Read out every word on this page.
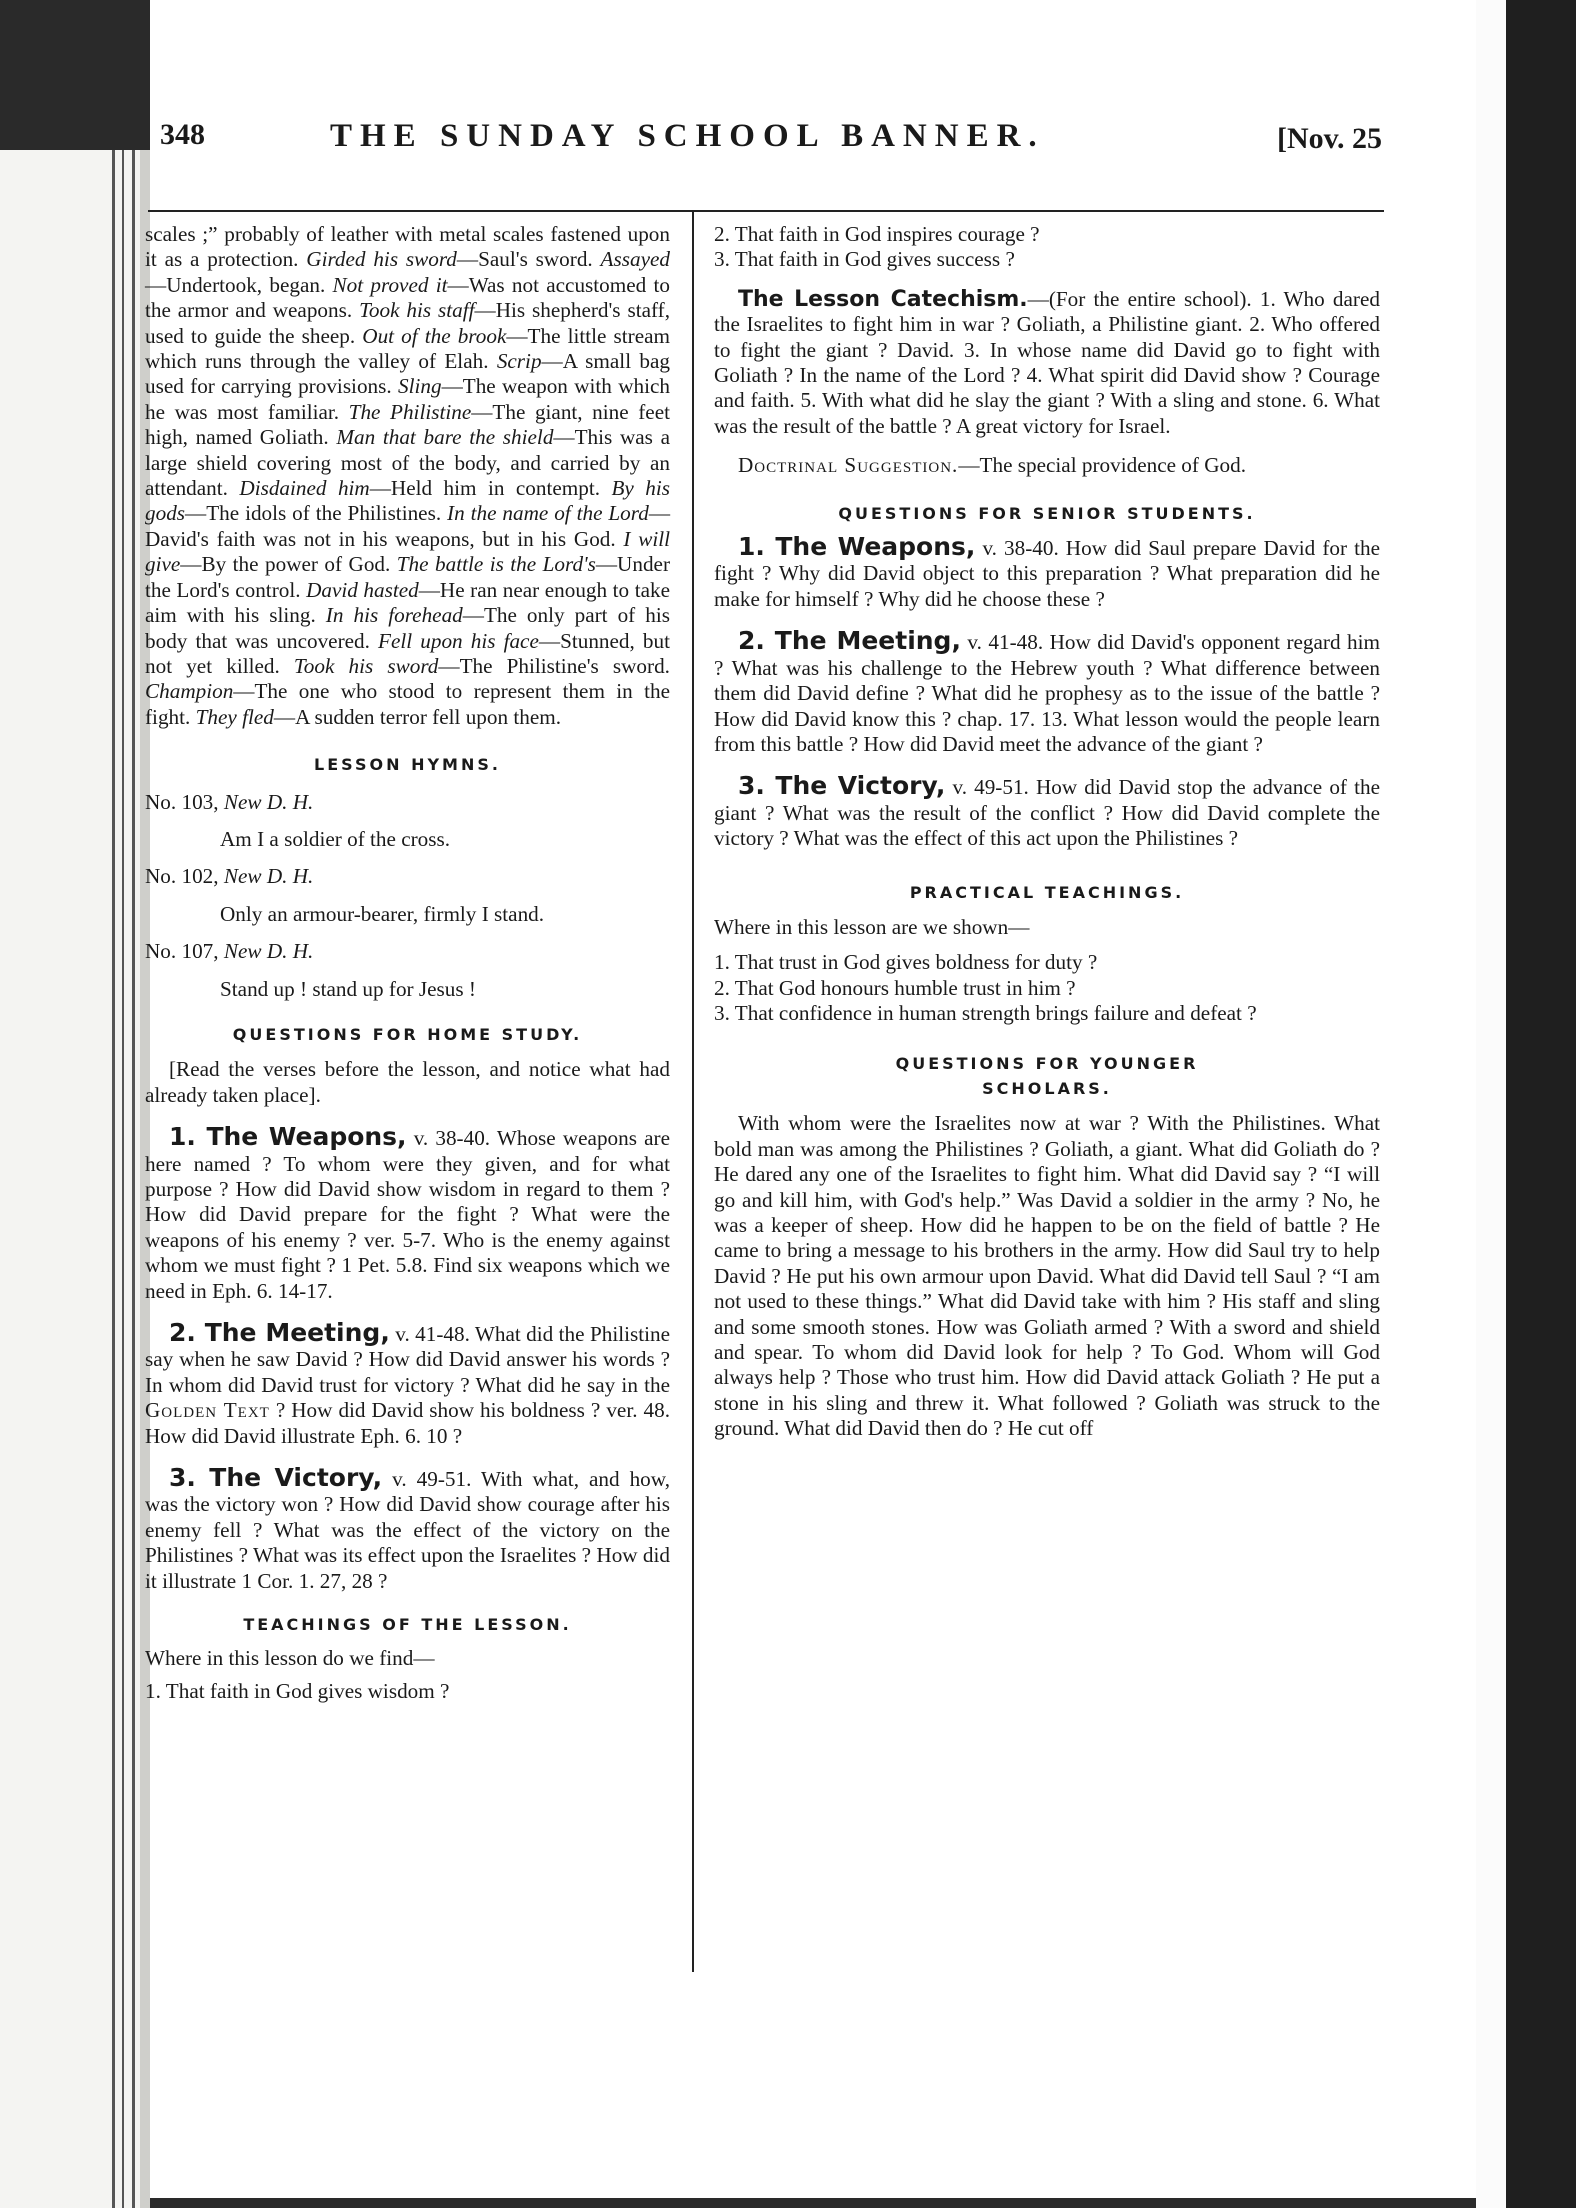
348	THE SUNDAY SCHOOL BANNER.	[Nov. 25

scales ;” probably of leather with metal scales fastened upon it as a protection. Girded his sword—Saul's sword. Assayed—Undertook, began. Not proved it—Was not accustomed to the armor and weapons. Took his staff—His shepherd's staff, used to guide the sheep. Out of the brook—The little stream which runs through the valley of Elah. Scrip—A small bag used for carrying provisions. Sling—The weapon with which he was most familiar. The Philistine—The giant, nine feet high, named Goliath. Man that bare the shield—This was a large shield covering most of the body, and carried by an attendant. Disdained him—Held him in contempt. By his gods—The idols of the Philistines. In the name of the Lord—David's faith was not in his weapons, but in his God. I will give—By the power of God. The battle is the Lord's—Under the Lord's control. David hasted—He ran near enough to take aim with his sling. In his forehead—The only part of his body that was uncovered. Fell upon his face—Stunned, but not yet killed. Took his sword—The Philistine's sword. Champion—The one who stood to represent them in the fight. They fled—A sudden terror fell upon them.

LESSON HYMNS.

No. 103, New D. H.

Am I a soldier of the cross.

No. 102, New D. H.

Only an armour-bearer, firmly I stand.

No. 107, New D. H.

Stand up ! stand up for Jesus !

QUESTIONS FOR HOME STUDY.

[Read the verses before the lesson, and notice what had already taken place].

1. The Weapons, v. 38-40. Whose weapons are here named ? To whom were they given, and for what purpose ? How did David show wisdom in regard to them ? How did David prepare for the fight ? What were the weapons of his enemy ? ver. 5-7. Who is the enemy against whom we must fight ? 1 Pet. 5.8. Find six weapons which we need in Eph. 6. 14-17.

2. The Meeting, v. 41-48. What did the Philistine say when he saw David ? How did David answer his words ? In whom did David trust for victory ? What did he say in the Golden Text ? How did David show his boldness ? ver. 48. How did David illustrate Eph. 6. 10 ?

3. The Victory, v. 49-51. With what, and how, was the victory won ? How did David show courage after his enemy fell ? What was the effect of the victory on the Philistines ? What was its effect upon the Israelites ? How did it illustrate 1 Cor. 1. 27, 28 ?

TEACHINGS OF THE LESSON.

Where in this lesson do we find—

1. That faith in God gives wisdom ?

2. That faith in God inspires courage ?

3. That faith in God gives success ?

The Lesson Catechism.—(For the entire school). 1. Who dared the Israelites to fight him in war ? Goliath, a Philistine giant. 2. Who offered to fight the giant ? David. 3. In whose name did David go to fight with Goliath ? In the name of the Lord ? 4. What spirit did David show ? Courage and faith. 5. With what did he slay the giant ? With a sling and stone. 6. What was the result of the battle ? A great victory for Israel.

Doctrinal Suggestion.—The special providence of God.

QUESTIONS FOR SENIOR STUDENTS.

1. The Weapons, v. 38-40. How did Saul prepare David for the fight ? Why did David object to this preparation ? What preparation did he make for himself ? Why did he choose these ?

2. The Meeting, v. 41-48. How did David's opponent regard him ? What was his challenge to the Hebrew youth ? What difference between them did David define ? What did he prophesy as to the issue of the battle ? How did David know this ? chap. 17. 13. What lesson would the people learn from this battle ? How did David meet the advance of the giant ?

3. The Victory, v. 49-51. How did David stop the advance of the giant ? What was the result of the conflict ? How did David complete the victory ? What was the effect of this act upon the Philistines ?

PRACTICAL TEACHINGS.

Where in this lesson are we shown—

1. That trust in God gives boldness for duty ?

2. That God honours humble trust in him ?

3. That confidence in human strength brings failure and defeat ?

QUESTIONS FOR YOUNGER SCHOLARS.

With whom were the Israelites now at war ? With the Philistines. What bold man was among the Philistines ? Goliath, a giant. What did Goliath do ? He dared any one of the Israelites to fight him. What did David say ? “I will go and kill him, with God's help.” Was David a soldier in the army ? No, he was a keeper of sheep. How did he happen to be on the field of battle ? He came to bring a message to his brothers in the army. How did Saul try to help David ? He put his own armour upon David. What did David tell Saul ? “I am not used to these things.” What did David take with him ? His staff and sling and some smooth stones. How was Goliath armed ? With a sword and shield and spear. To whom did David look for help ? To God. Whom will God always help ? Those who trust him. How did David attack Goliath ? He put a stone in his sling and threw it. What followed ? Goliath was struck to the ground. What did David then do ? He cut off
